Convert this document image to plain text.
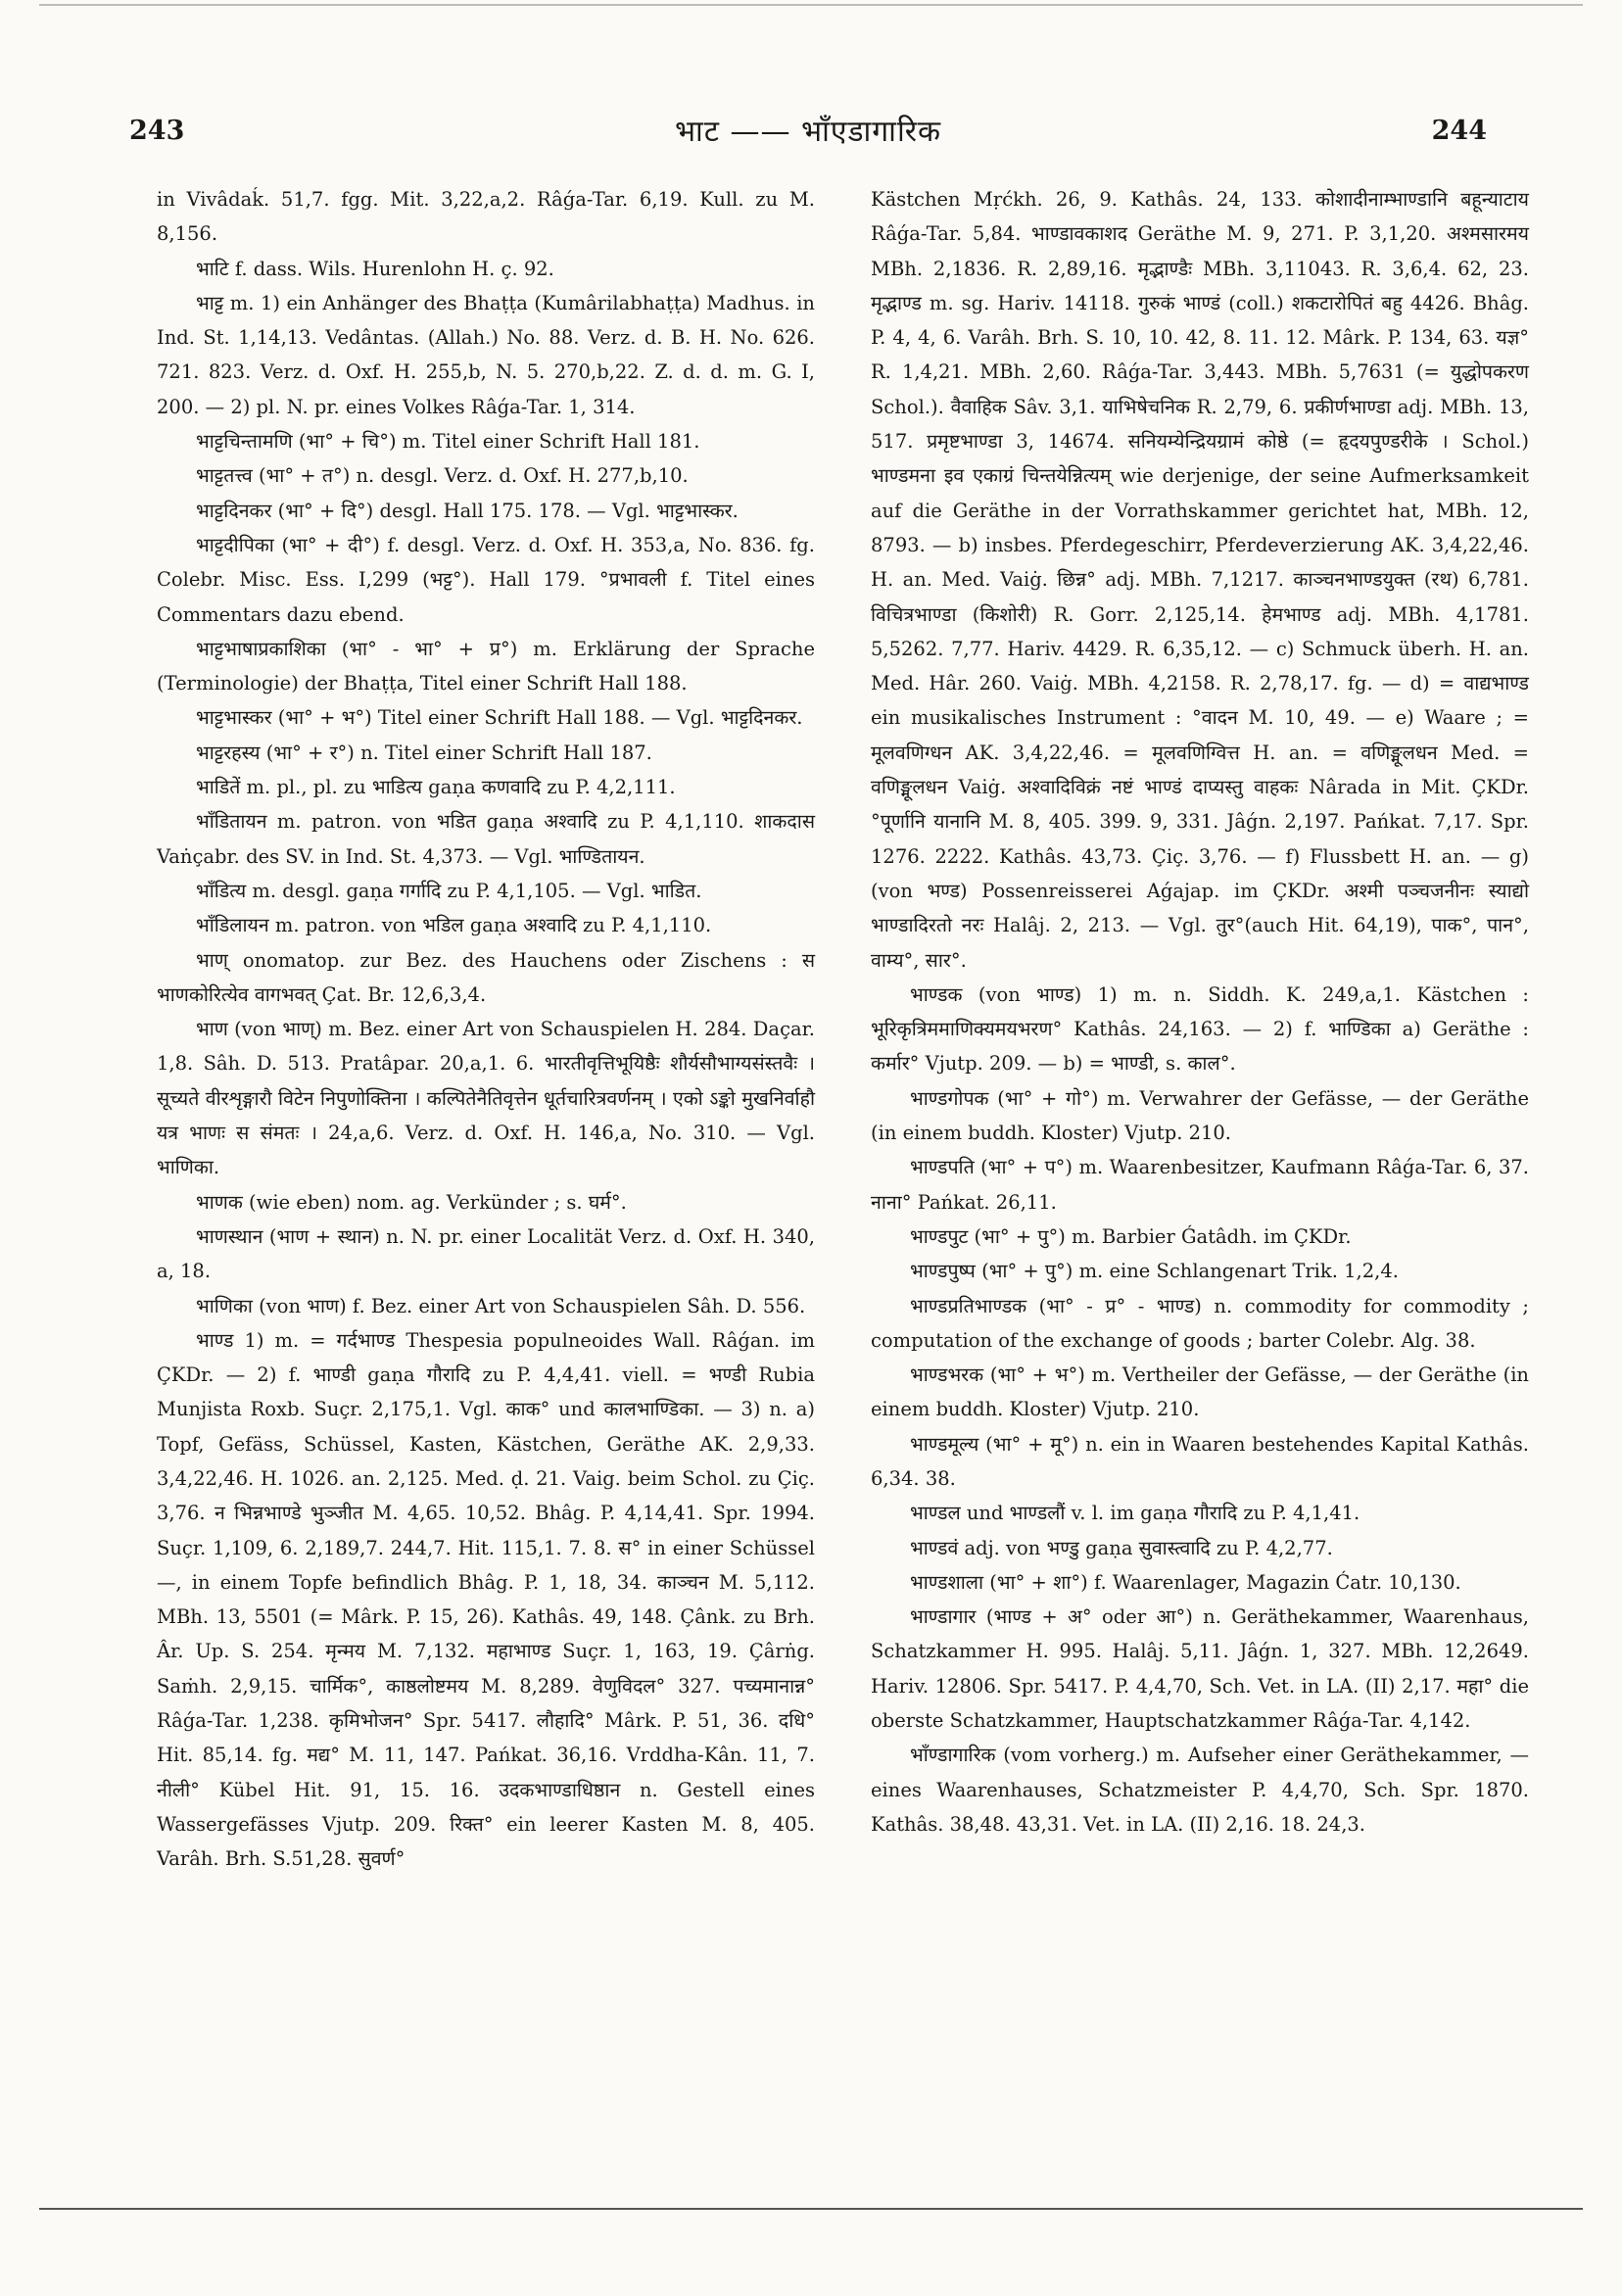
243	भाट —— भाँएडागारिक	244

in Vivâdaḱ. 51,7. fgg. Mit. 3,22,a,2. Râǵa-Tar. 6,19. Kull. zu M. 8,156.

भाटि f. dass. Wils. Hurenlohn H. ç. 92.

भाट्ट m. 1) ein Anhänger des Bhaṭṭa (Kumârilabhaṭṭa) Madhus. in Ind. St. 1,14,13. Vedântas. (Allah.) No. 88. Verz. d. B. H. No. 626. 721. 823. Verz. d. Oxf. H. 255,b, N. 5. 270,b,22. Z. d. d. m. G. I, 200. — 2) pl. N. pr. eines Volkes Râǵa-Tar. 1, 314.

भाट्टचिन्तामणि (भा° + चि°) m. Titel einer Schrift Hall 181.

भाट्टतत्त्व (भा° + त°) n. desgl. Verz. d. Oxf. H. 277,b,10.

भाट्टदिनकर (भा° + दि°) desgl. Hall 175. 178. — Vgl. भाट्टभास्कर.

भाट्टदीपिका (भा° + दी°) f. desgl. Verz. d. Oxf. H. 353,a, No. 836. fg. Colebr. Misc. Ess. I,299 (भट्ट°). Hall 179. °प्रभावली f. Titel eines Commentars dazu ebend.

भाट्टभाषाप्रकाशिका (भा° - भा° + प्र°) m. Erklärung der Sprache (Terminologie) der Bhaṭṭa, Titel einer Schrift Hall 188.

भाट्टभास्कर (भा° + भ°) Titel einer Schrift Hall 188. — Vgl. भाट्टदिनकर.

भाट्टरहस्य (भा° + र°) n. Titel einer Schrift Hall 187.

भाडितें m. pl., pl. zu भाडित्य gaṇa कणवादि zu P. 4,2,111.

भाँडितायन m. patron. von भडित gaṇa अश्वादि zu P. 4,1,110. शाकदास Vaṅçabr. des SV. in Ind. St. 4,373. — Vgl. भाण्डितायन.

भाँडित्य m. desgl. gaṇa गर्गादि zu P. 4,1,105. — Vgl. भाडित.

भाँडिलायन m. patron. von भडिल gaṇa अश्वादि zu P. 4,1,110.

भाण् onomatop. zur Bez. des Hauchens oder Zischens : स भाणकोरित्येव वागभवत् Çat. Br. 12,6,3,4.

भाण (von भाण्) m. Bez. einer Art von Schauspielen H. 284. Daçar. 1,8. Sâh. D. 513. Pratâpar. 20,a,1. 6. भारतीवृत्तिभूयिष्ठैः शौर्यसौभाग्यसंस्तवैः । सूच्यते वीरशृङ्गारौ विटेन निपुणोक्तिना । कल्पितेनैतिवृत्तेन धूर्तचारित्रवर्णनम् । एको ऽङ्को मुखनिर्वाहौ यत्र भाणः स संमतः । 24,a,6. Verz. d. Oxf. H. 146,a, No. 310. — Vgl. भाणिका.

भाणक (wie eben) nom. ag. Verkünder ; s. घर्म°.

भाणस्थान (भाण + स्थान) n. N. pr. einer Localität Verz. d. Oxf. H. 340, a, 18.

भाणिका (von भाण) f. Bez. einer Art von Schauspielen Sâh. D. 556.

भाण्ड 1) m. = गर्दभाण्ड Thespesia populneoides Wall. Râǵan. im ÇKDr. — 2) f. भाण्डी gaṇa गौरादि zu P. 4,4,41. viell. = भण्डी Rubia Munjista Roxb. Suçr. 2,175,1. Vgl. काक° und कालभाण्डिका. — 3) n. a) Topf, Gefäss, Schüssel, Kasten, Kästchen, Geräthe AK. 2,9,33. 3,4,22,46. H. 1026. an. 2,125. Med. ḍ. 21. Vaig. beim Schol. zu Çiç. 3,76. न भिन्नभाण्डे भुञ्जीत M. 4,65. 10,52. Bhâg. P. 4,14,41. Spr. 1994. Suçr. 1,109, 6. 2,189,7. 244,7. Hit. 115,1. 7. 8. स° in einer Schüssel —, in einem Topfe befindlich Bhâg. P. 1, 18, 34. काञ्चन M. 5,112. MBh. 13, 5501 (= Mârk. P. 15, 26). Kathâs. 49, 148. Çânk. zu Brh. Âr. Up. S. 254. मृन्मय M. 7,132. महाभाण्ड Suçr. 1, 163, 19. Çârṅg. Saṁh. 2,9,15. चार्मिक°, काष्ठलोष्टमय M. 8,289. वेणुविदल° 327. पच्यमानान्न° Râǵa-Tar. 1,238. कृमिभोजन° Spr. 5417. लौहादि° Mârk. P. 51, 36. दधि° Hit. 85,14. fg. मद्य° M. 11, 147. Pańkat. 36,16. Vrddha-Kân. 11, 7. नीली° Kübel Hit. 91, 15. 16. उदकभाण्डाधिष्ठान n. Gestell eines Wassergefässes Vjutp. 209. रिक्त° ein leerer Kasten M. 8, 405. Varâh. Brh. S.51,28. सुवर्ण°

Kästchen Mṛćkh. 26, 9. Kathâs. 24, 133. कोशादीनाम्भाण्डानि बहून्याटाय Râǵa-Tar. 5,84. भाण्डावकाशद Geräthe M. 9, 271. P. 3,1,20. अश्मसारमय MBh. 2,1836. R. 2,89,16. मृद्भाण्डैः MBh. 3,11043. R. 3,6,4. 62, 23. मृद्भाण्ड m. sg. Hariv. 14118. गुरुकं भाण्डं (coll.) शकटारोपितं बहु 4426. Bhâg. P. 4, 4, 6. Varâh. Brh. S. 10, 10. 42, 8. 11. 12. Mârk. P. 134, 63. यज्ञ° R. 1,4,21. MBh. 2,60. Râǵa-Tar. 3,443. MBh. 5,7631 (= युद्धोपकरण Schol.). वैवाहिक Sâv. 3,1. याभिषेचनिक R. 2,79, 6. प्रकीर्णभाण्डा adj. MBh. 13, 517. प्रमृष्टभाण्डा 3, 14674. सनियम्येन्द्रियग्रामं कोष्ठे (= हृदयपुण्डरीके । Schol.) भाण्डमना इव एकाग्रं चिन्तयेन्नित्यम् wie derjenige, der seine Aufmerksamkeit auf die Geräthe in der Vorrathskammer gerichtet hat, MBh. 12, 8793. — b) insbes. Pferdegeschirr, Pferdeverzierung AK. 3,4,22,46. H. an. Med. Vaiġ. छिन्न° adj. MBh. 7,1217. काञ्चनभाण्डयुक्त (रथ) 6,781. विचित्रभाण्डा (किशोरी) R. Gorr. 2,125,14. हेमभाण्ड adj. MBh. 4,1781. 5,5262. 7,77. Hariv. 4429. R. 6,35,12. — c) Schmuck überh. H. an. Med. Hâr. 260. Vaiġ. MBh. 4,2158. R. 2,78,17. fg. — d) = वाद्यभाण्ड ein musikalisches Instrument : °वादन M. 10, 49. — e) Waare ; = मूलवणिग्धन AK. 3,4,22,46. = मूलवणिग्वित्त H. an. = वणिङ्मूलधन Med. = वणिङ्मूलधन Vaiġ. अश्वादिविक्रं नष्टं भाण्डं दाप्यस्तु वाहकः Nârada in Mit. ÇKDr. °पूर्णानि यानानि M. 8, 405. 399. 9, 331. Jâǵn. 2,197. Pańkat. 7,17. Spr. 1276. 2222. Kathâs. 43,73. Çiç. 3,76. — f) Flussbett H. an. — g) (von भण्ड) Possenreisserei Aǵajap. im ÇKDr. अश्मी पञ्चजनीनः स्याद्यो भाण्डादिरतो नरः Halâj. 2, 213. — Vgl. तुर°(auch Hit. 64,19), पाक°, पान°, वाम्य°, सार°.

भाण्डक (von भाण्ड) 1) m. n. Siddh. K. 249,a,1. Kästchen : भूरिकृत्रिममाणिक्यमयभरण° Kathâs. 24,163. — 2) f. भाण्डिका a) Geräthe : कर्मार° Vjutp. 209. — b) = भाण्डी, s. काल°.

भाण्डगोपक (भा° + गो°) m. Verwahrer der Gefässe, — der Geräthe (in einem buddh. Kloster) Vjutp. 210.

भाण्डपति (भा° + प°) m. Waarenbesitzer, Kaufmann Râǵa-Tar. 6, 37. नाना° Pańkat. 26,11.

भाण्डपुट (भा° + पु°) m. Barbier Ǵatâdh. im ÇKDr.

भाण्डपुष्प (भा° + पु°) m. eine Schlangenart Trik. 1,2,4.

भाण्डप्रतिभाण्डक (भा° - प्र° - भाण्ड) n. commodity for commodity ; computation of the exchange of goods ; barter Colebr. Alg. 38.

भाण्डभरक (भा° + भ°) m. Vertheiler der Gefässe, — der Geräthe (in einem buddh. Kloster) Vjutp. 210.

भाण्डमूल्य (भा° + मू°) n. ein in Waaren bestehendes Kapital Kathâs. 6,34. 38.

भाण्डल und भाण्डलौं v. l. im gaṇa गौरादि zu P. 4,1,41.

भाण्डवं adj. von भण्डु gaṇa सुवास्त्वादि zu P. 4,2,77.

भाण्डशाला (भा° + शा°) f. Waarenlager, Magazin Ćatr. 10,130.

भाण्डागार (भाण्ड + अ° oder आ°) n. Geräthekammer, Waarenhaus, Schatzkammer H. 995. Halâj. 5,11. Jâǵn. 1, 327. MBh. 12,2649. Hariv. 12806. Spr. 5417. P. 4,4,70, Sch. Vet. in LA. (II) 2,17. महा° die oberste Schatzkammer, Hauptschatzkammer Râǵa-Tar. 4,142.

भाँण्डागारिक (vom vorherg.) m. Aufseher einer Geräthekammer, — eines Waarenhauses, Schatzmeister P. 4,4,70, Sch. Spr. 1870. Kathâs. 38,48. 43,31. Vet. in LA. (II) 2,16. 18. 24,3.
